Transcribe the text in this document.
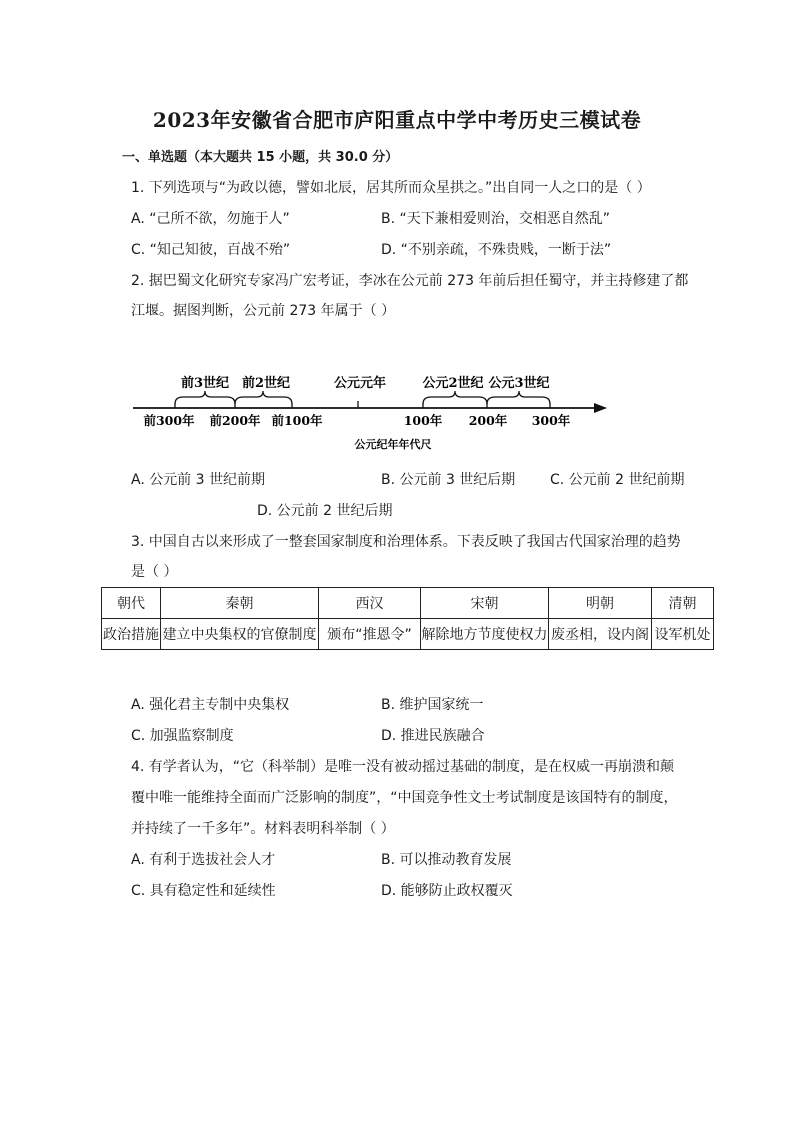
2023年安徽省合肥市庐阳重点中学中考历史三模试卷
一、单选题（本大题共 15 小题，共 30.0 分）
1. 下列选项与“为政以德，譬如北辰，居其所而众星拱之。”出自同一人之口的是（ ）
A. “己所不欲，勿施于人”	B. “天下兼相爱则治，交相恶自然乱”
C. “知己知彼，百战不殆”	D. “不别亲疏，不殊贵贱，一断于法”
2. 据巴蜀文化研究专家冯广宏考证，李冰在公元前 273 年前后担任蜀守，并主持修建了都
江堰。据图判断，公元前 273 年属于（ ）
前3世纪 前2世纪	公元元年	公元2世纪 公元3世纪
前300年 前200年 前100年	100年 200年 300年
公元纪年年代尺
A. 公元前 3 世纪前期	B. 公元前 3 世纪后期 C. 公元前 2 世纪前期
D. 公元前 2 世纪后期
3. 中国自古以来形成了一整套国家制度和治理体系。下表反映了我国古代国家治理的趋势
是（ ）
朝代	秦朝	西汉	宋朝	明朝	清朝
政治措施	建立中央集权的官僚制度	颁布“推恩令”	解除地方节度使权力	废丞相，设内阁	设军机处
A. 强化君主专制中央集权	B. 维护国家统一
C. 加强监察制度	D. 推进民族融合
4. 有学者认为，“它（科举制）是唯一没有被动摇过基础的制度，是在权威一再崩溃和颠
覆中唯一能维持全面而广泛影响的制度”，“中国竞争性文士考试制度是该国特有的制度，
并持续了一千多年”。材料表明科举制（ ）
A. 有利于选拔社会人才	B. 可以推动教育发展
C. 具有稳定性和延续性	D. 能够防止政权覆灭
